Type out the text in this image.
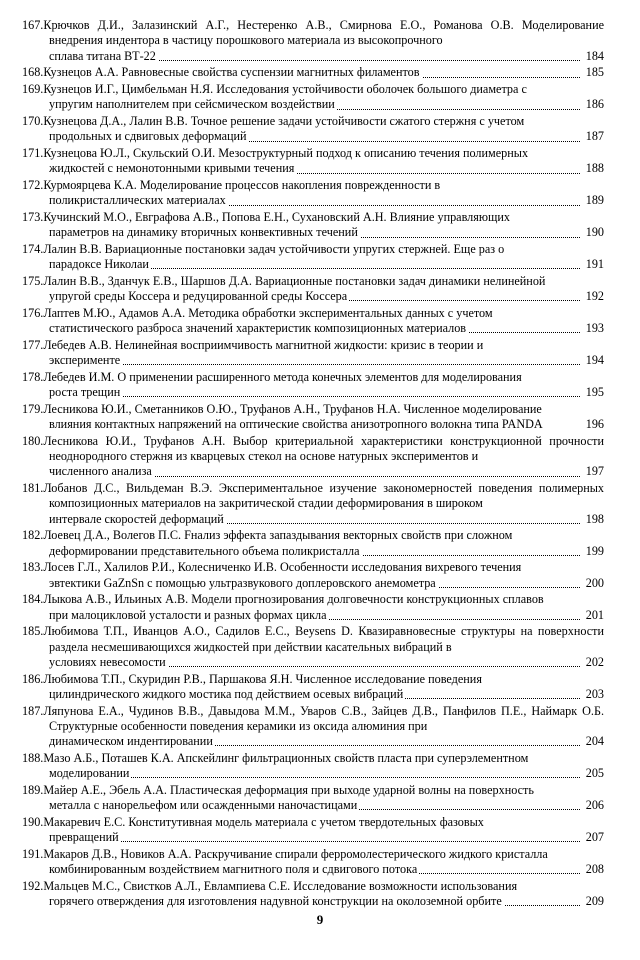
167.Крючков Д.И., Залазинский А.Г., Нестеренко А.В., Смирнова Е.О., Романова О.В. Моделирование внедрения индентора в частицу порошкового материала из высокопрочного
сплава титана ВТ-22	184
168.Кузнецов А.А. Равновесные свойства суспензии магнитных филаментов	185
169.Кузнецов И.Г., Цимбельман Н.Я. Исследования устойчивости оболочек большого диаметра с
упругим наполнителем при сейсмическом воздействии	186
170.Кузнецова Д.А., Лалин В.В. Точное решение задачи устойчивости сжатого стержня с учетом
продольных и сдвиговых деформаций	187
171.Кузнецова Ю.Л., Скульский О.И. Мезоструктурный подход к описанию течения полимерных
жидкостей с немонотонными кривыми течения	188
172.Курмоярцева К.А. Моделирование процессов накопления поврежденности в
поликристаллических материалах	189
173.Кучинский М.О., Евграфова А.В., Попова Е.Н., Сухановский А.Н. Влияние управляющих
параметров на динамику вторичных конвективных течений	190
174.Лалин В.В. Вариационные постановки задач устойчивости упругих стержней. Еще раз о
парадоксе Николаи	191
175.Лалин В.В., Зданчук Е.В., Шаршов Д.А. Вариационные постановки задач динамики нелинейной
упругой среды Коссера и редуцированной среды Коссера	192
176.Лаптев М.Ю., Адамов А.А. Методика обработки экспериментальных данных с учетом
статистического разброса значений характеристик композиционных материалов	193
177.Лебедев А.В. Нелинейная восприимчивость магнитной жидкости: кризис в теории и
эксперименте	194
178.Лебедев И.М. О применении расширенного метода конечных элементов для моделирования
роста трещин	195
179.Лесникова Ю.И., Сметанников О.Ю., Труфанов А.Н., Труфанов Н.А. Численное моделирование
влияния контактных напряжений на оптические свойства анизотропного волокна типа PANDA	196
180.Лесникова Ю.И., Труфанов А.Н. Выбор критериальной характеристики конструкционной прочности неоднородного стержня из кварцевых стекол на основе натурных экспериментов и
численного анализа	197
181.Лобанов Д.С., Вильдеман В.Э. Экспериментальное изучение закономерностей поведения полимерных композиционных материалов на закритической стадии деформирования в широком
интервале скоростей деформаций	198
182.Лоевец Д.А., Волегов П.С. Fнализ эффекта запаздывания векторных свойств при сложном
деформировании представительного объема поликристалла	199
183.Лосев Г.Л., Халилов Р.И., Колесниченко И.В. Особенности исследования вихревого течения
эвтектики GaZnSn с помощью ультразвукового доплеровского анемометра	200
184.Лыкова А.В., Ильиных А.В. Модели прогнозирования долговечности конструкционных сплавов
при малоцикловой усталости и разных формах цикла	201
185.Любимова Т.П., Иванцов А.О., Садилов Е.С., Beysens D. Квазиравновесные структуры на поверхности раздела несмешивающихся жидкостей при действии касательных вибраций в
условиях невесомости	202
186.Любимова Т.П., Скуридин Р.В., Паршакова Я.Н. Численное исследование поведения
цилиндрического жидкого мостика под действием осевых вибраций	203
187.Ляпунова Е.А., Чудинов В.В., Давыдова М.М., Уваров С.В., Зайцев Д.В., Панфилов П.Е., Наймарк О.Б. Структурные особенности поведения керамики из оксида алюминия при
динамическом индентировании	204
188.Мазо А.Б., Поташев К.А. Апскейлинг фильтрационных свойств пласта при суперэлементном
моделировании	205
189.Майер А.Е., Эбель А.А. Пластическая деформация при выходе ударной волны на поверхность
металла с нанорельефом или осажденными наночастицами	206
190.Макаревич Е.С. Конститутивная модель материала с учетом твердотельных фазовых
превращений	207
191.Макаров Д.В., Новиков А.А. Раскручивание спирали ферромолестерического жидкого кристалла
комбинированным воздействием магнитного поля и сдвигового потока	208
192.Мальцев М.С., Свистков А.Л., Евлампиева С.Е. Исследование возможности использования
горячего отверждения для изготовления надувной конструкции на околоземной орбите	209
9
